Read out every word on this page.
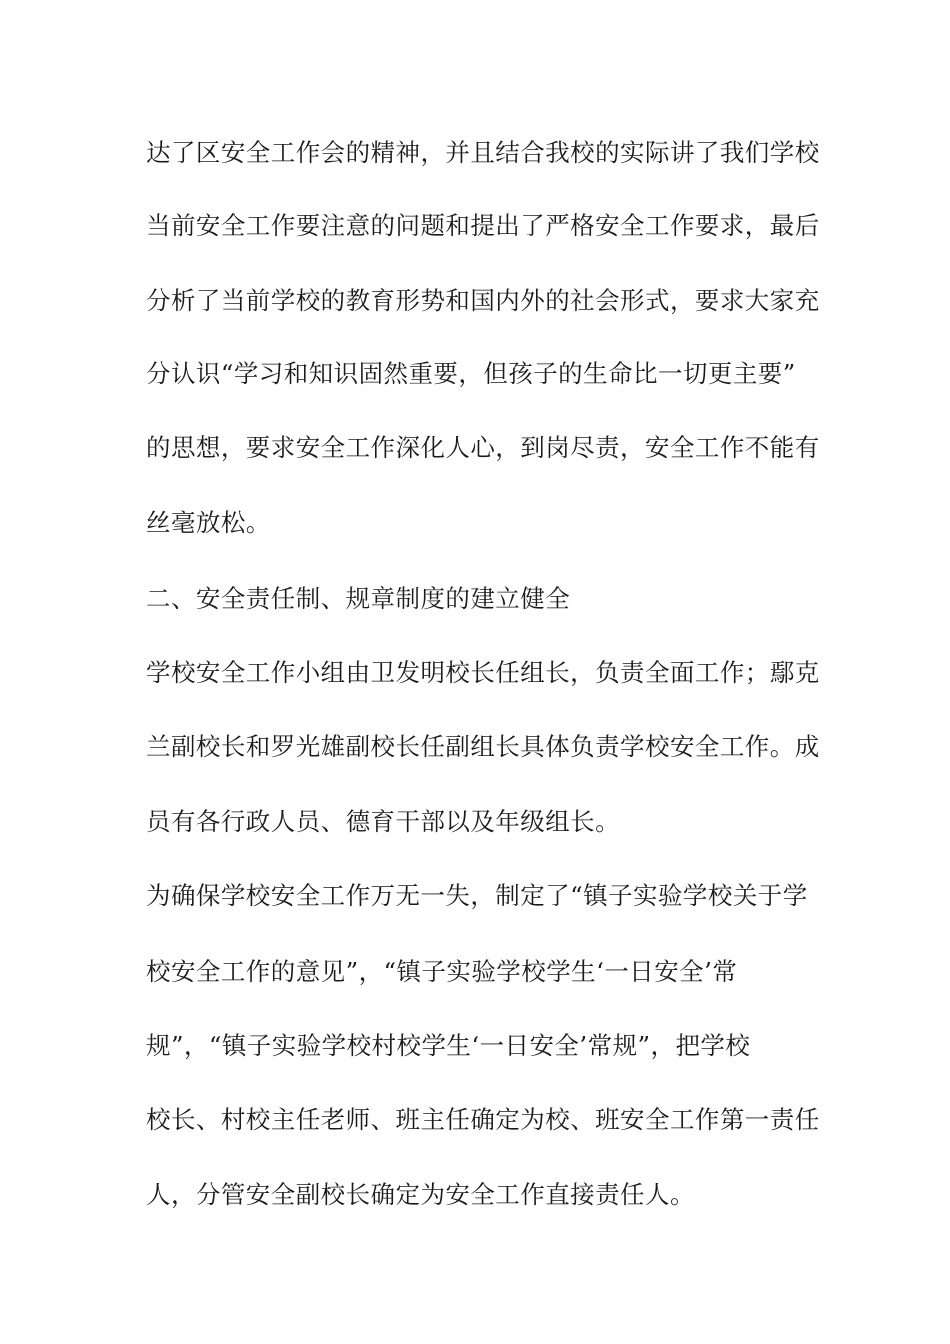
达了区安全工作会的精神，并且结合我校的实际讲了我们学校
当前安全工作要注意的问题和提出了严格安全工作要求，最后
分析了当前学校的教育形势和国内外的社会形式，要求大家充
分认识“学习和知识固然重要，但孩子的生命比一切更主要”
的思想，要求安全工作深化人心，到岗尽责，安全工作不能有
丝毫放松。
二、安全责任制、规章制度的建立健全
学校安全工作小组由卫发明校长任组长，负责全面工作；鄢克
兰副校长和罗光雄副校长任副组长具体负责学校安全工作。成
员有各行政人员、德育干部以及年级组长。
为确保学校安全工作万无一失，制定了“镇子实验学校关于学
校安全工作的意见”，“镇子实验学校学生‘一日安全’常
规”，“镇子实验学校村校学生‘一日安全’常规”，把学校
校长、村校主任老师、班主任确定为校、班安全工作第一责任
人，分管安全副校长确定为安全工作直接责任人。
